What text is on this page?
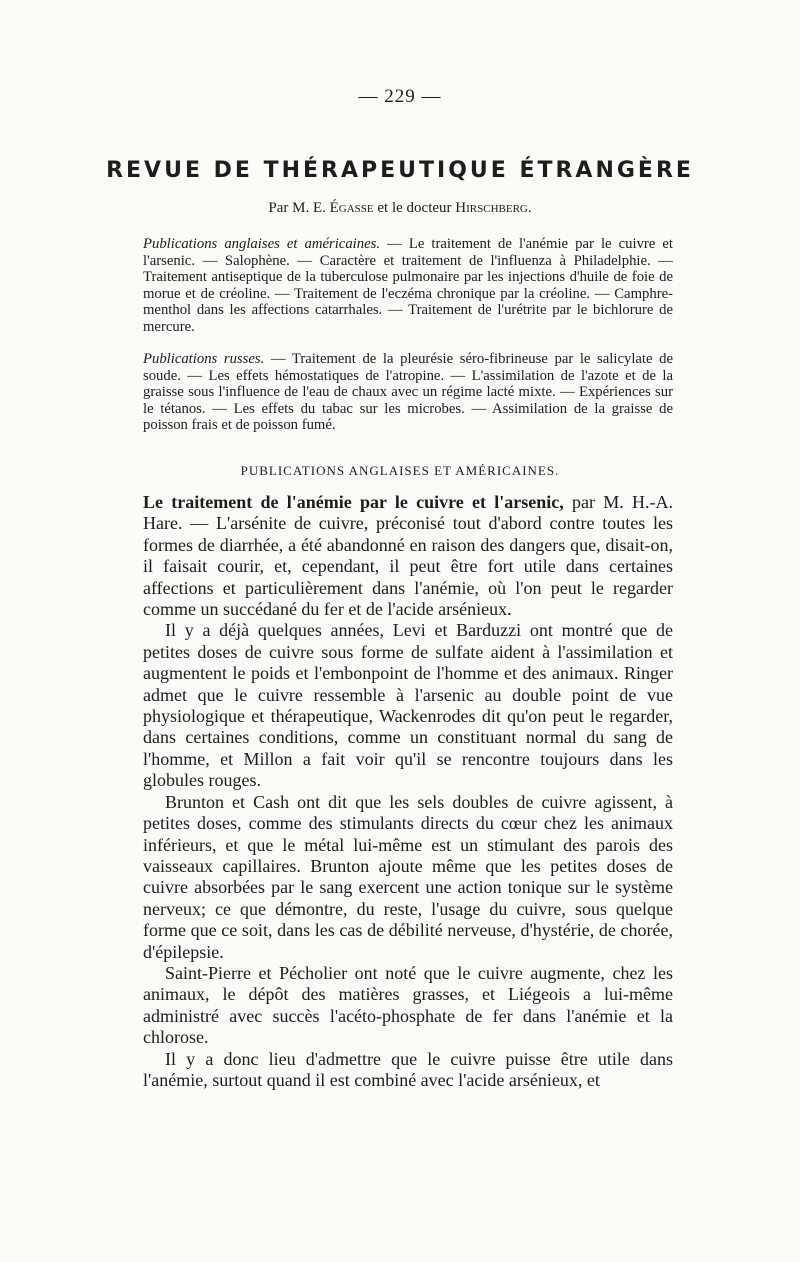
— 229 —
REVUE DE THÉRAPEUTIQUE ÉTRANGÈRE
Par M. E. Égasse et le docteur Hirschberg.

Publications anglaises et américaines. — Le traitement de l'anémie par le cuivre et l'arsenic. — Salophène. — Caractère et traitement de l'influenza à Philadelphie. — Traitement antiseptique de la tuberculose pulmonaire par les injections d'huile de foie de morue et de créoline. — Traitement de l'eczéma chronique par la créoline. — Camphre-menthol dans les affections catarrhales. — Traitement de l'urétrite par le bichlorure de mercure.

Publications russes. — Traitement de la pleurésie séro-fibrineuse par le salicylate de soude. — Les effets hémostatiques de l'atropine. — L'assimilation de l'azote et de la graisse sous l'influence de l'eau de chaux avec un régime lacté mixte. — Expériences sur le tétanos. — Les effets du tabac sur les microbes. — Assimilation de la graisse de poisson frais et de poisson fumé.

PUBLICATIONS ANGLAISES ET AMÉRICAINES.

Le traitement de l'anémie par le cuivre et l'arsenic, par M. H.-A. Hare. — L'arsénite de cuivre, préconisé tout d'abord contre toutes les formes de diarrhée, a été abandonné en raison des dangers que, disait-on, il faisait courir, et, cependant, il peut être fort utile dans certaines affections et particulièrement dans l'anémie, où l'on peut le regarder comme un succédané du fer et de l'acide arsénieux.

Il y a déjà quelques années, Levi et Barduzzi ont montré que de petites doses de cuivre sous forme de sulfate aident à l'assimilation et augmentent le poids et l'embonpoint de l'homme et des animaux. Ringer admet que le cuivre ressemble à l'arsenic au double point de vue physiologique et thérapeutique, Wackenrodes dit qu'on peut le regarder, dans certaines conditions, comme un constituant normal du sang de l'homme, et Millon a fait voir qu'il se rencontre toujours dans les globules rouges.

Brunton et Cash ont dit que les sels doubles de cuivre agissent, à petites doses, comme des stimulants directs du cœur chez les animaux inférieurs, et que le métal lui-même est un stimulant des parois des vaisseaux capillaires. Brunton ajoute même que les petites doses de cuivre absorbées par le sang exercent une action tonique sur le système nerveux; ce que démontre, du reste, l'usage du cuivre, sous quelque forme que ce soit, dans les cas de débilité nerveuse, d'hystérie, de chorée, d'épilepsie.

Saint-Pierre et Pécholier ont noté que le cuivre augmente, chez les animaux, le dépôt des matières grasses, et Liégeois a lui-même administré avec succès l'acéto-phosphate de fer dans l'anémie et la chlorose.

Il y a donc lieu d'admettre que le cuivre puisse être utile dans l'anémie, surtout quand il est combiné avec l'acide arsénieux, et
